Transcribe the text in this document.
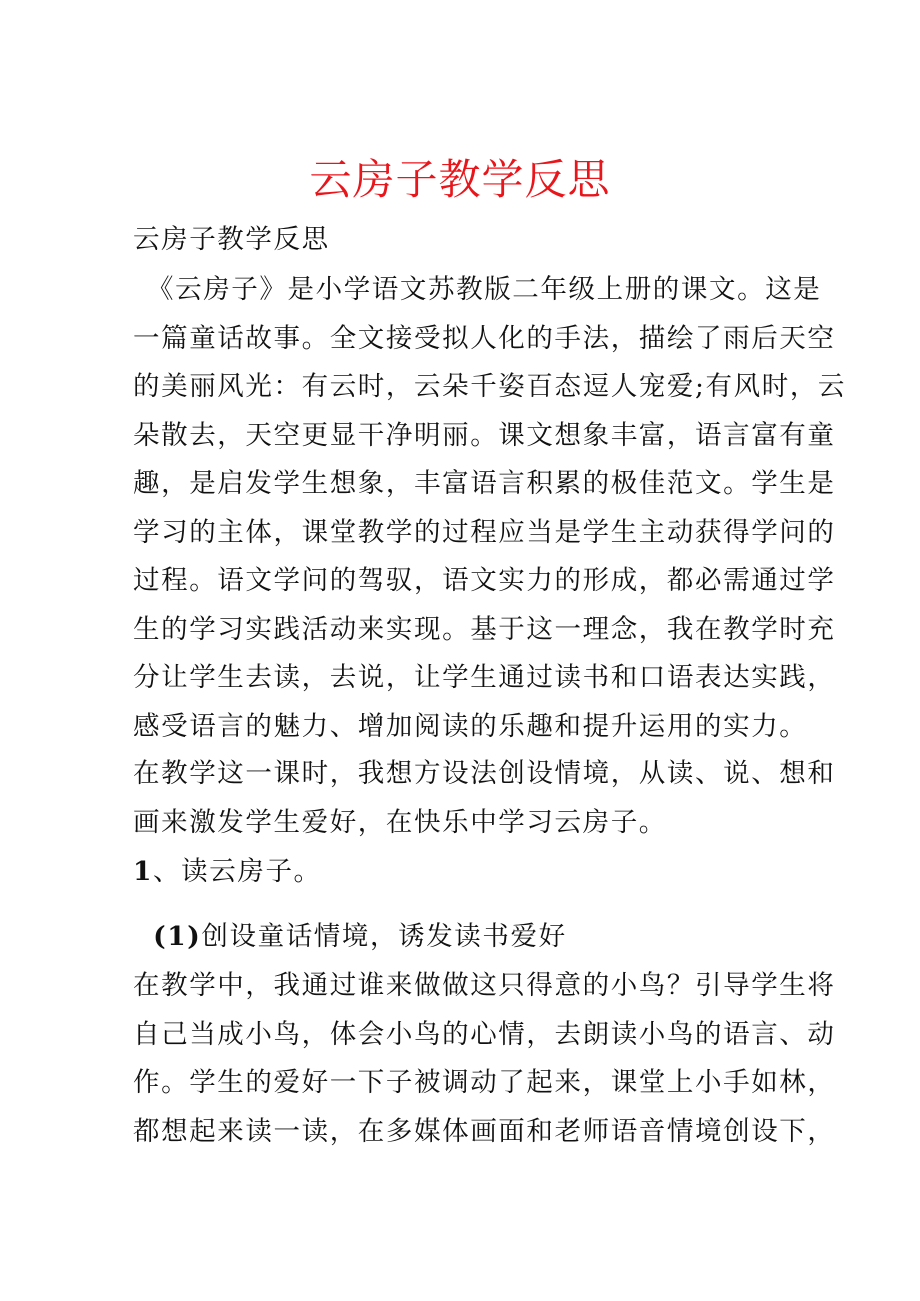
云房子教学反思
云房子教学反思
《云房子》是小学语文苏教版二年级上册的课文。这是
一篇童话故事。全文接受拟人化的手法，描绘了雨后天空
的美丽风光：有云时，云朵千姿百态逗人宠爱;有风时，云
朵散去，天空更显干净明丽。课文想象丰富，语言富有童
趣，是启发学生想象，丰富语言积累的极佳范文。学生是
学习的主体，课堂教学的过程应当是学生主动获得学问的
过程。语文学问的驾驭，语文实力的形成，都必需通过学
生的学习实践活动来实现。基于这一理念，我在教学时充
分让学生去读，去说，让学生通过读书和口语表达实践，
感受语言的魅力、增加阅读的乐趣和提升运用的实力。
在教学这一课时，我想方设法创设情境，从读、说、想和
画来激发学生爱好，在快乐中学习云房子。
1、读云房子。
(1)创设童话情境，诱发读书爱好
在教学中，我通过谁来做做这只得意的小鸟？引导学生将
自己当成小鸟，体会小鸟的心情，去朗读小鸟的语言、动
作。学生的爱好一下子被调动了起来，课堂上小手如林，
都想起来读一读，在多媒体画面和老师语音情境创设下，
